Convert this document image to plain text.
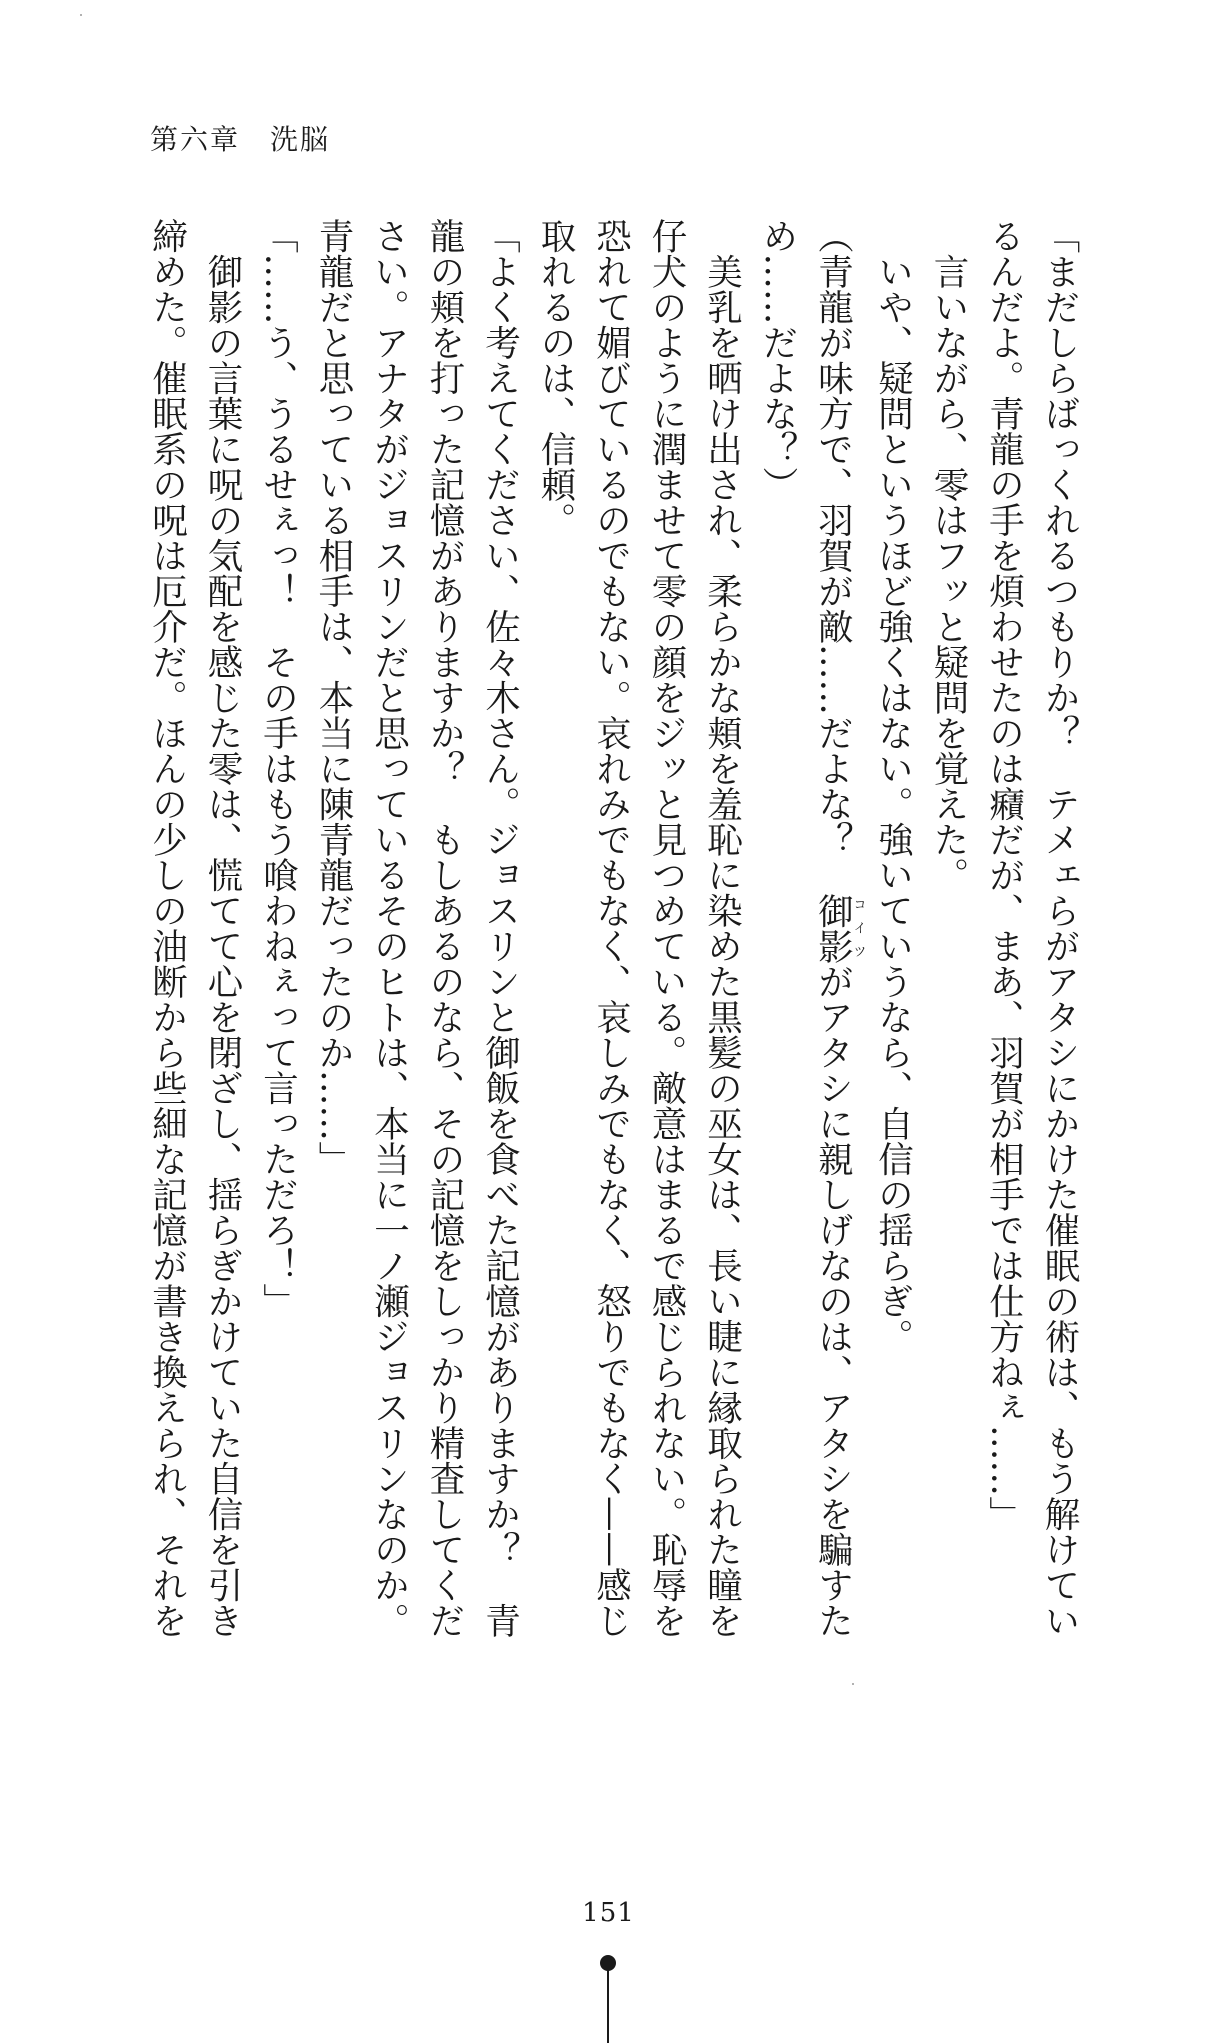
第六章　洗脳
「まだしらばっくれるつもりか？　テメェらがアタシにかけた催眠の術は、もう解けてい
るんだよ。青龍の手を煩わせたのは癪だが、まあ、羽賀が相手では仕方ねぇ……」
　言いながら、零はフッと疑問を覚えた。
　いや、疑問というほど強くはない。強いていうなら、自信の揺らぎ。
（青龍が味方で、羽賀が敵……だよな？　御影コイツがアタシに親しげなのは、アタシを騙すた
め……だよな？）
　美乳を晒け出され、柔らかな頬を羞恥に染めた黒髪の巫女は、長い睫に縁取られた瞳を
仔犬のように潤ませて零の顔をジッと見つめている。敵意はまるで感じられない。恥辱を
恐れて媚びているのでもない。哀れみでもなく、哀しみでもなく、怒りでもなく——感じ
取れるのは、信頼。
「よく考えてください、佐々木さん。ジョスリンと御飯を食べた記憶がありますか？　青
龍の頬を打った記憶がありますか？　もしあるのなら、その記憶をしっかり精査してくだ
さい。アナタがジョスリンだと思っているそのヒトは、本当に一ノ瀬ジョスリンなのか。
青龍だと思っている相手は、本当に陳青龍だったのか……」
「……う、うるせぇっ！　その手はもう喰わねぇって言っただろ！」
　御影の言葉に呪の気配を感じた零は、慌てて心を閉ざし、揺らぎかけていた自信を引き
締めた。催眠系の呪は厄介だ。ほんの少しの油断から些細な記憶が書き換えられ、それを
151
